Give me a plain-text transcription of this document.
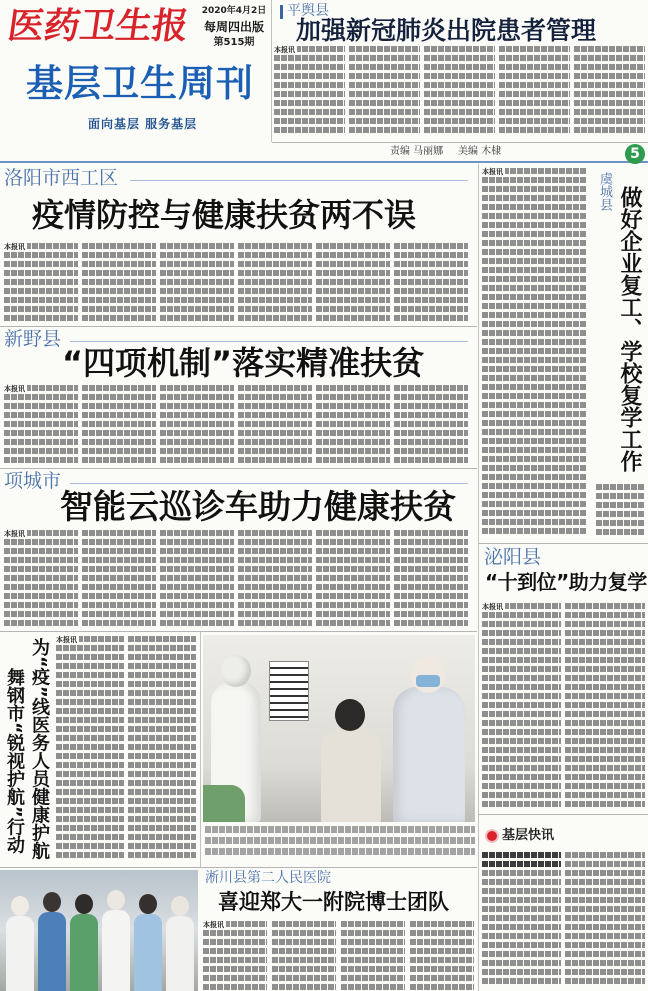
医药卫生报 2020年4月2日
每周四出版
第515期
基层卫生周刊
面向基层 服务基层
平舆县
加强新冠肺炎出院患者管理
本报讯
责编 马丽娜 美编 木棣	5
洛阳市西工区
疫情防控与健康扶贫两不误
本报讯
新野县
“四项机制”落实精准扶贫
本报讯
项城市
智能云巡诊车助力健康扶贫
本报讯
本报讯	虞城县 做好企业复工、学校复学工作
泌阳县
“十到位”助力复学
本报讯
基层快讯
为“疫”线医务人员健康护航
舞钢市“锐视护航”行动
本报讯
淅川县第二人民医院
喜迎郑大一附院博士团队
本报讯
